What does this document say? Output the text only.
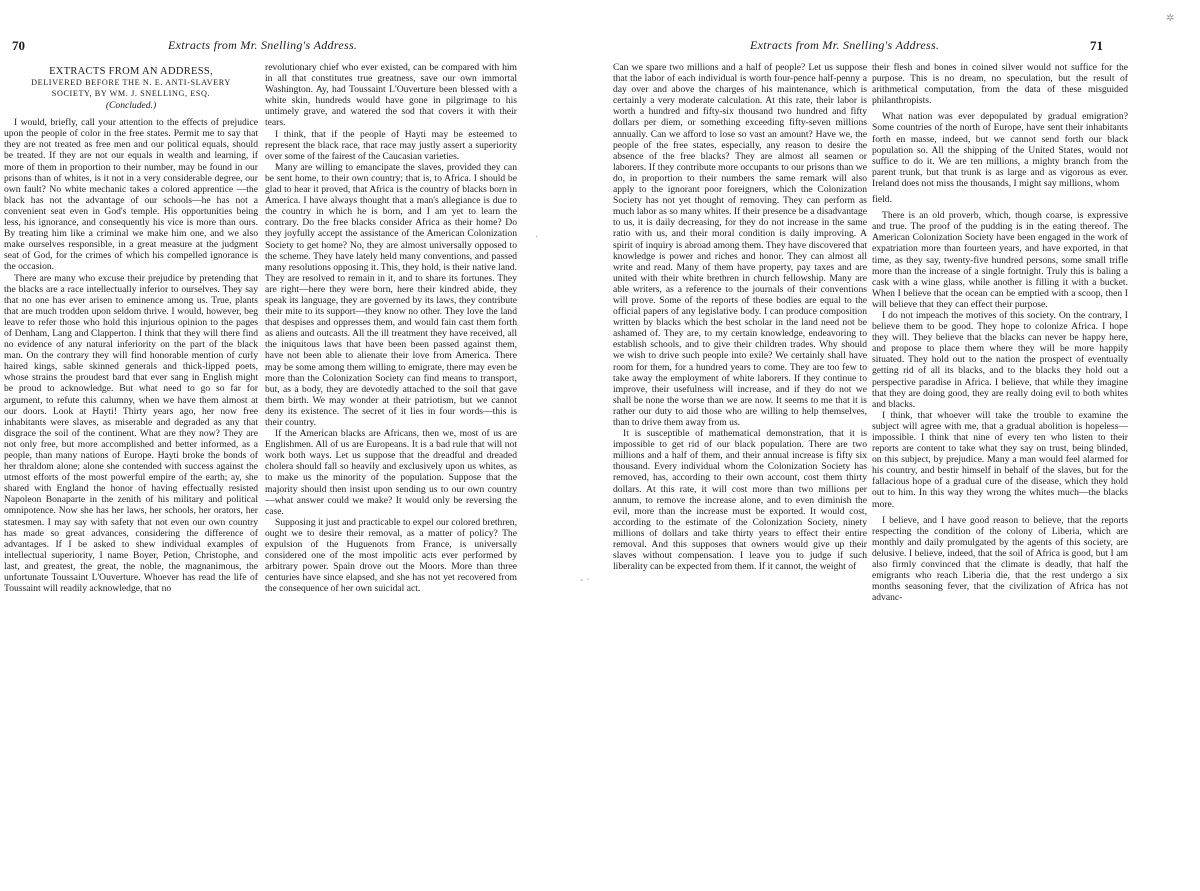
70	Extracts from Mr. Snelling's Address.
EXTRACTS FROM AN ADDRESS,
DELIVERED BEFORE THE N. E. ANTI-SLAVERY
SOCIETY, BY WM. J. SNELLING, ESQ.
(Concluded.)

I would, briefly, call your attention to the effects of prejudice upon the people of color in the free states. Permit me to say that they are not treated as free men and our political equals, should be treated. If they are not our equals in wealth and learning, if more of them in proportion to their number, may be found in our prisons than of whites, is it not in a very considerable degree, our own fault? No white mechanic takes a colored apprentice —the black has not the advantage of our schools—he has not a convenient seat even in God's temple. His opportunities being less, his ignorance, and consequently his vice is more than ours. By treating him like a criminal we make him one, and we also make ourselves responsible, in a great measure at the judgment seat of God, for the crimes of which his compelled ignorance is the occasion.

There are many who excuse their prejudice by pretending that the blacks are a race intellectually inferior to ourselves. They say that no one has ever arisen to eminence among us. True, plants that are much trodden upon seldom thrive. I would, however, beg leave to refer those who hold this injurious opinion to the pages of Denham, Lang and Clapperton. I think that they will there find no evidence of any natural inferiority on the part of the black man. On the contrary they will find honorable mention of curly haired kings, sable skinned generals and thick-lipped poets, whose strains the proudest bard that ever sang in English might be proud to acknowledge. But what need to go so far for argument, to refute this calumny, when we have them almost at our doors. Look at Hayti! Thirty years ago, her now free inhabitants were slaves, as miserable and degraded as any that disgrace the soil of the continent. What are they now? They are not only free, but more accomplished and better informed, as a people, than many nations of Europe. Hayti broke the bonds of her thraldom alone; alone she contended with success against the utmost efforts of the most powerful empire of the earth; ay, she shared with England the honor of having effectually resisted Napoleon Bonaparte in the zenith of his military and political omnipotence. Now she has her laws, her schools, her orators, her statesmen. I may say with safety that not even our own country has made so great advances, considering the difference of advantages. If I be asked to shew individual examples of intellectual superiority, I name Boyer, Petion, Christophe, and last, and greatest, the great, the noble, the magnanimous, the unfortunate Toussaint L'Ouverture. Whoever has read the life of Toussaint will readily acknowledge, that no

revolutionary chief who ever existed, can be compared with him in all that constitutes true greatness, save our own immortal Washington. Ay, had Toussaint L'Ouverture been blessed with a white skin, hundreds would have gone in pilgrimage to his untimely grave, and watered the sod that covers it with their tears.

I think, that if the people of Hayti may be esteemed to represent the black race, that race may justly assert a superiority over some of the fairest of the Caucasian varieties.

Many are willing to emancipate the slaves, provided they can be sent home, to their own country; that is, to Africa. I should be glad to hear it proved, that Africa is the country of blacks born in America. I have always thought that a man's allegiance is due to the country in which he is born, and I am yet to learn the contrary. Do the free blacks consider Africa as their home? Do they joyfully accept the assistance of the American Colonization Society to get home? No, they are almost universally opposed to the scheme. They have lately held many conventions, and passed many resolutions opposing it. This, they hold, is their native land. They are resolved to remain in it, and to share its fortunes. They are right—here they were born, here their kindred abide, they speak its language, they are governed by its laws, they contribute their mite to its support—they know no other. They love the land that despises and oppresses them, and would fain cast them forth as aliens and outcasts. All the ill treatment they have received, all the iniquitous laws that have been been passed against them, have not been able to alienate their love from America. There may be some among them willing to emigrate, there may even be more than the Colonization Society can find means to transport, but, as a body, they are devotedly attached to the soil that gave them birth. We may wonder at their patriotism, but we cannot deny its existence. The secret of it lies in four words—this is their country.

If the American blacks are Africans, then we, most of us are Englishmen. All of us are Europeans. It is a bad rule that will not work both ways. Let us suppose that the dreadful and dreaded cholera should fall so heavily and exclusively upon us whites, as to make us the minority of the population. Suppose that the majority should then insist upon sending us to our own country—what answer could we make? It would only be reversing the case.

Supposing it just and practicable to expel our colored brethren, ought we to desire their removal, as a matter of policy? The expulsion of the Huguenots from France, is universally considered one of the most impolitic acts ever performed by arbitrary power. Spain drove out the Moors. More than three centuries have since elapsed, and she has not yet recovered from the consequence of her own suicidal act.

Extracts from Mr. Snelling's Address.	71

Can we spare two millions and a half of people? Let us suppose that the labor of each individual is worth four-pence half-penny a day over and above the charges of his maintenance, which is certainly a very moderate calculation. At this rate, their labor is worth a hundred and fifty-six thousand two hundred and fifty dollars per diem, or something exceeding fifty-seven millions annually. Can we afford to lose so vast an amount? Have we, the people of the free states, especially, any reason to desire the absence of the free blacks? They are almost all seamen or laborers. If they contribute more occupants to our prisons than we do, in proportion to their numbers the same remark will also apply to the ignorant poor foreigners, which the Colonization Society has not yet thought of removing. They can perform as much labor as so many whites. If their presence be a disadvantage to us, it is daily decreasing, for they do not increase in the same ratio with us, and their moral condition is daily improving. A spirit of inquiry is abroad among them. They have discovered that knowledge is power and riches and honor. They can almost all write and read. Many of them have property, pay taxes and are united with their white brethren in church fellowship. Many are able writers, as a reference to the journals of their conventions will prove. Some of the reports of these bodies are equal to the official papers of any legislative body. I can produce composition written by blacks which the best scholar in the land need not be ashamed of. They are, to my certain knowledge, endeavoring to establish schools, and to give their children trades. Why should we wish to drive such people into exile? We certainly shall have room for them, for a hundred years to come. They are too few to take away the employment of white laborers. If they continue to improve, their usefulness will increase, and if they do not we shall be none the worse than we are now. It seems to me that it is rather our duty to aid those who are willing to help themselves, than to drive them away from us.

It is susceptible of mathematical demonstration, that it is impossible to get rid of our black population. There are two millions and a half of them, and their annual increase is fifty six thousand. Every individual whom the Colonization Society has removed, has, according to their own account, cost them thirty dollars. At this rate, it will cost more than two millions per annum, to remove the increase alone, and to even diminish the evil, more than the increase must be exported. It would cost, according to the estimate of the Colonization Society, ninety millions of dollars and take thirty years to effect their entire removal. And this supposes that owners would give up their slaves without compensation. I leave you to judge if such liberality can be expected from them. If it cannot, the weight of

their flesh and bones in coined silver would not suffice for the purpose. This is no dream, no speculation, but the result of arithmetical computation, from the data of these misguided philanthropists.

What nation was ever depopulated by gradual emigration? Some countries of the north of Europe, have sent their inhabitants forth en masse, indeed, but we cannot send forth our black population so. All the shipping of the United States, would not suffice to do it. We are ten millions, a mighty branch from the parent trunk, but that trunk is as large and as vigorous as ever. Ireland does not miss the thousands, I might say millions, whom

field.

There is an old proverb, which, though coarse, is expressive and true. The proof of the pudding is in the eating thereof. The American Colonization Society have been engaged in the work of expatriation more than fourteen years, and have exported, in that time, as they say, twenty-five hundred persons, some small trifle more than the increase of a single fortnight. Truly this is baling a cask with a wine glass, while another is filling it with a bucket. When I believe that the ocean can be emptied with a scoop, then I will believe that they can effect their purpose.

I do not impeach the motives of this society. On the contrary, I believe them to be good. They hope to colonize Africa. I hope they will. They believe that the blacks can never be happy here, and propose to place them where they will be more happily situated. They hold out to the nation the prospect of eventually getting rid of all its blacks, and to the blacks they hold out a perspective paradise in Africa. I believe, that while they imagine that they are doing good, they are really doing evil to both whites and blacks.

I think, that whoever will take the trouble to examine the subject will agree with me, that a gradual abolition is hopeless—impossible. I think that nine of every ten who listen to their reports are content to take what they say on trust, being blinded, on this subject, by prejudice. Many a man would feel alarmed for his country, and bestir himself in behalf of the slaves, but for the fallacious hope of a gradual cure of the disease, which they hold out to him. In this way they wrong the whites much—the blacks more.

I believe, and I have good reason to believe, that the reports respecting the condition of the colony of Liberia, which are monthly and daily promulgated by the agents of this society, are delusive. I believe, indeed, that the soil of Africa is good, but I am also firmly convinced that the climate is deadly, that half the emigrants who reach Liberia die, that the rest undergo a six months seasoning fever, that the civilization of Africa has not advanc-

✲
·
‐ ·
